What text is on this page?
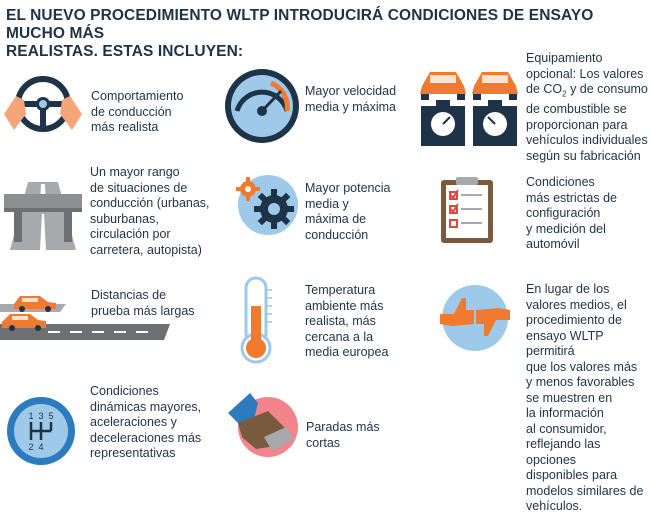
EL NUEVO PROCEDIMIENTO WLTP INTRODUCIRÁ CONDICIONES DE ENSAYO MUCHO MÁS
REALISTAS. ESTAS INCLUYEN:
Comportamiento
de conducción
más realista
Un mayor rango
de situaciones de
conducción (urbanas,
suburbanas,
circulación por
carretera, autopista)
Distancias de
prueba más largas
1 3 5
2 4
Condiciones
dinámicas mayores,
aceleraciones y
deceleraciones más
representativas
Mayor velocidad
media y máxima
Mayor potencia
media y
máxima de
conducción
Temperatura
ambiente más
realista, más
cercana a la
media europea
Paradas más
cortas
Equipamiento
opcional: Los valores
de $CO_2$ y de consumo
de combustible se
proporcionan para
vehículos individuales
según su fabricación
Condiciones
más estrictas de
configuración
y medición del
automóvil
En lugar de los
valores medios, el
procedimiento de
ensayo WLTP permitirá
que los valores más
y menos favorables
se muestren en
la información
al consumidor,
reflejando las opciones
disponibles para
modelos similares de
vehículos.
